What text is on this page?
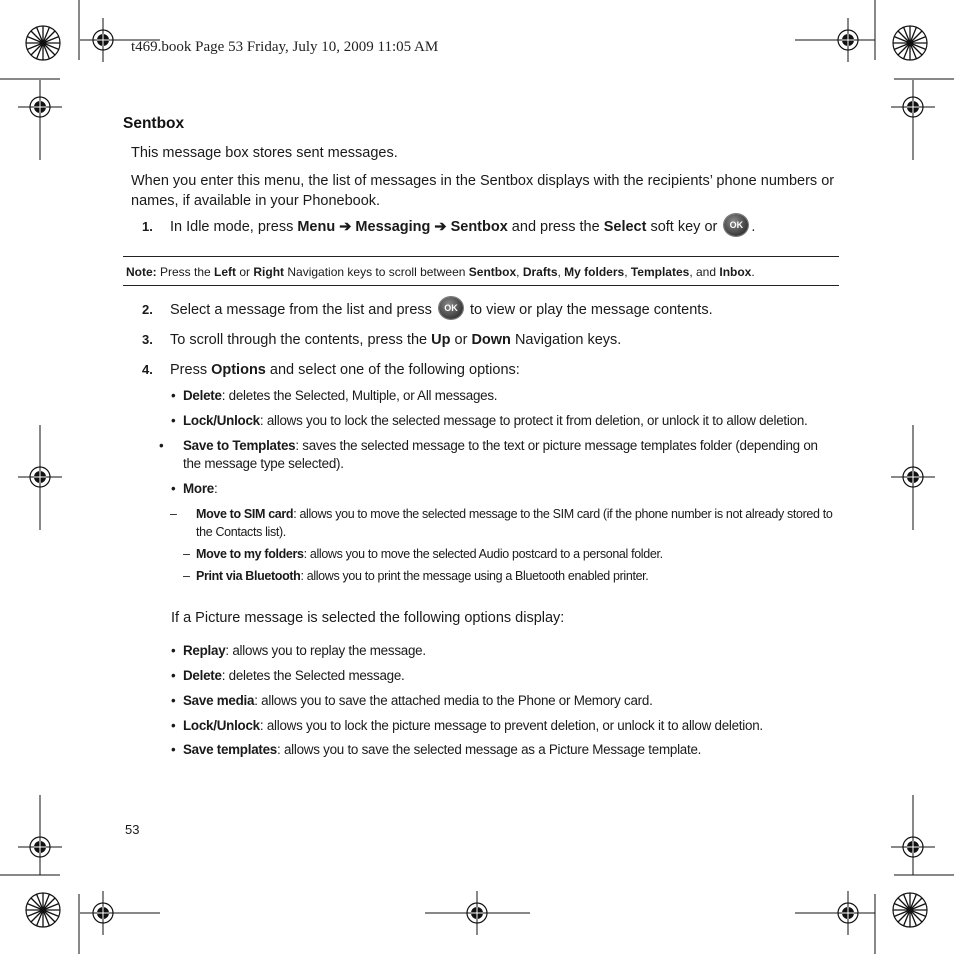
t469.book Page 53 Friday, July 10, 2009 11:05 AM
Sentbox
This message box stores sent messages.
When you enter this menu, the list of messages in the Sentbox displays with the recipients’ phone numbers or
names, if available in your Phonebook.
1. In Idle mode, press Menu ➔ Messaging ➔ Sentbox and press the Select soft key or OK .
Note: Press the Left or Right Navigation keys to scroll between Sentbox, Drafts, My folders, Templates, and Inbox.
2. Select a message from the list and press OK to view or play the message contents.
3. To scroll through the contents, press the Up or Down Navigation keys.
4. Press Options and select one of the following options:
• Delete: deletes the Selected, Multiple, or All messages.
• Lock/Unlock: allows you to lock the selected message to protect it from deletion, or unlock it to allow deletion.
• Save to Templates: saves the selected message to the text or picture message templates folder (depending on the message type selected).
• More:
– Move to SIM card: allows you to move the selected message to the SIM card (if the phone number is not already stored to the Contacts list).
– Move to my folders: allows you to move the selected Audio postcard to a personal folder.
– Print via Bluetooth: allows you to print the message using a Bluetooth enabled printer.
If a Picture message is selected the following options display:
• Replay: allows you to replay the message.
• Delete: deletes the Selected message.
• Save media: allows you to save the attached media to the Phone or Memory card.
• Lock/Unlock: allows you to lock the picture message to prevent deletion, or unlock it to allow deletion.
• Save templates: allows you to save the selected message as a Picture Message template.
53
